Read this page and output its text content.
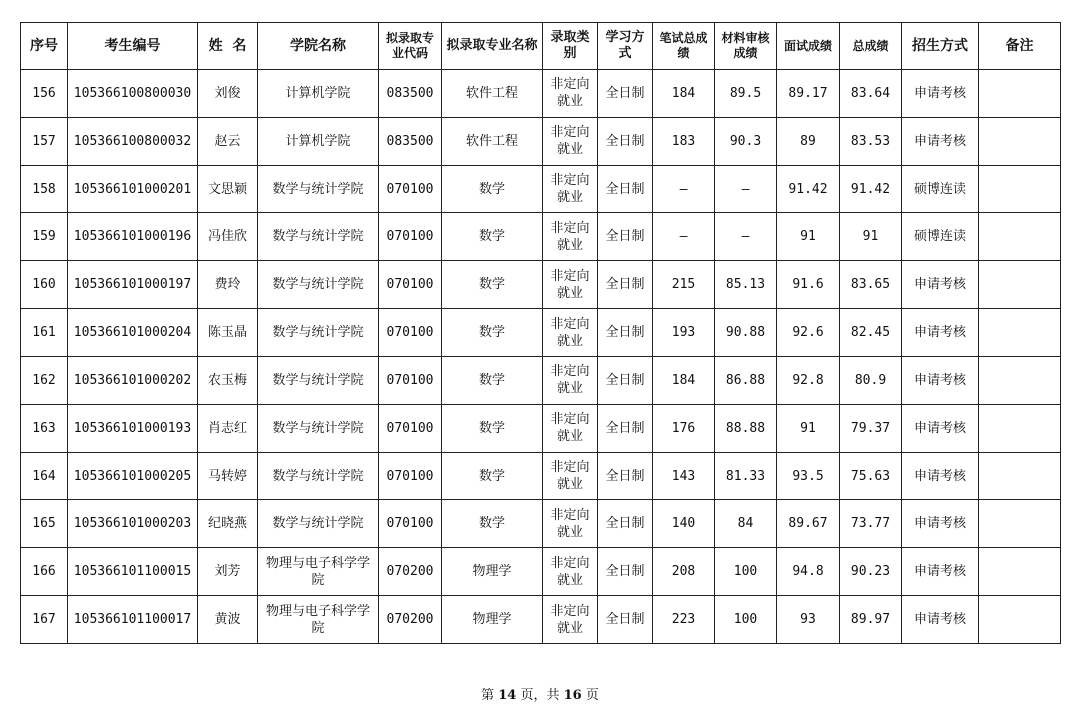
序号	考生编号	姓  名	学院名称	拟录取专业代码	拟录取专业名称	录取类别	学习方式	笔试总成绩	材料审核成绩	面试成绩	总成绩	招生方式	备注
156	105366100800030	刘俊	计算机学院	083500	软件工程	非定向就业	全日制	184	89.5	89.17	83.64	申请考核	
157	105366100800032	赵云	计算机学院	083500	软件工程	非定向就业	全日制	183	90.3	89	83.53	申请考核	
158	105366101000201	文思颖	数学与统计学院	070100	数学	非定向就业	全日制	–	–	91.42	91.42	硕博连读	
159	105366101000196	冯佳欣	数学与统计学院	070100	数学	非定向就业	全日制	–	–	91	91	硕博连读	
160	105366101000197	费玲	数学与统计学院	070100	数学	非定向就业	全日制	215	85.13	91.6	83.65	申请考核	
161	105366101000204	陈玉晶	数学与统计学院	070100	数学	非定向就业	全日制	193	90.88	92.6	82.45	申请考核	
162	105366101000202	农玉梅	数学与统计学院	070100	数学	非定向就业	全日制	184	86.88	92.8	80.9	申请考核	
163	105366101000193	肖志红	数学与统计学院	070100	数学	非定向就业	全日制	176	88.88	91	79.37	申请考核	
164	105366101000205	马转婷	数学与统计学院	070100	数学	非定向就业	全日制	143	81.33	93.5	75.63	申请考核	
165	105366101000203	纪晓燕	数学与统计学院	070100	数学	非定向就业	全日制	140	84	89.67	73.77	申请考核	
166	105366101100015	刘芳	物理与电子科学学院	070200	物理学	非定向就业	全日制	208	100	94.8	90.23	申请考核	
167	105366101100017	黄波	物理与电子科学学院	070200	物理学	非定向就业	全日制	223	100	93	89.97	申请考核	
第 14 页，共 16 页
